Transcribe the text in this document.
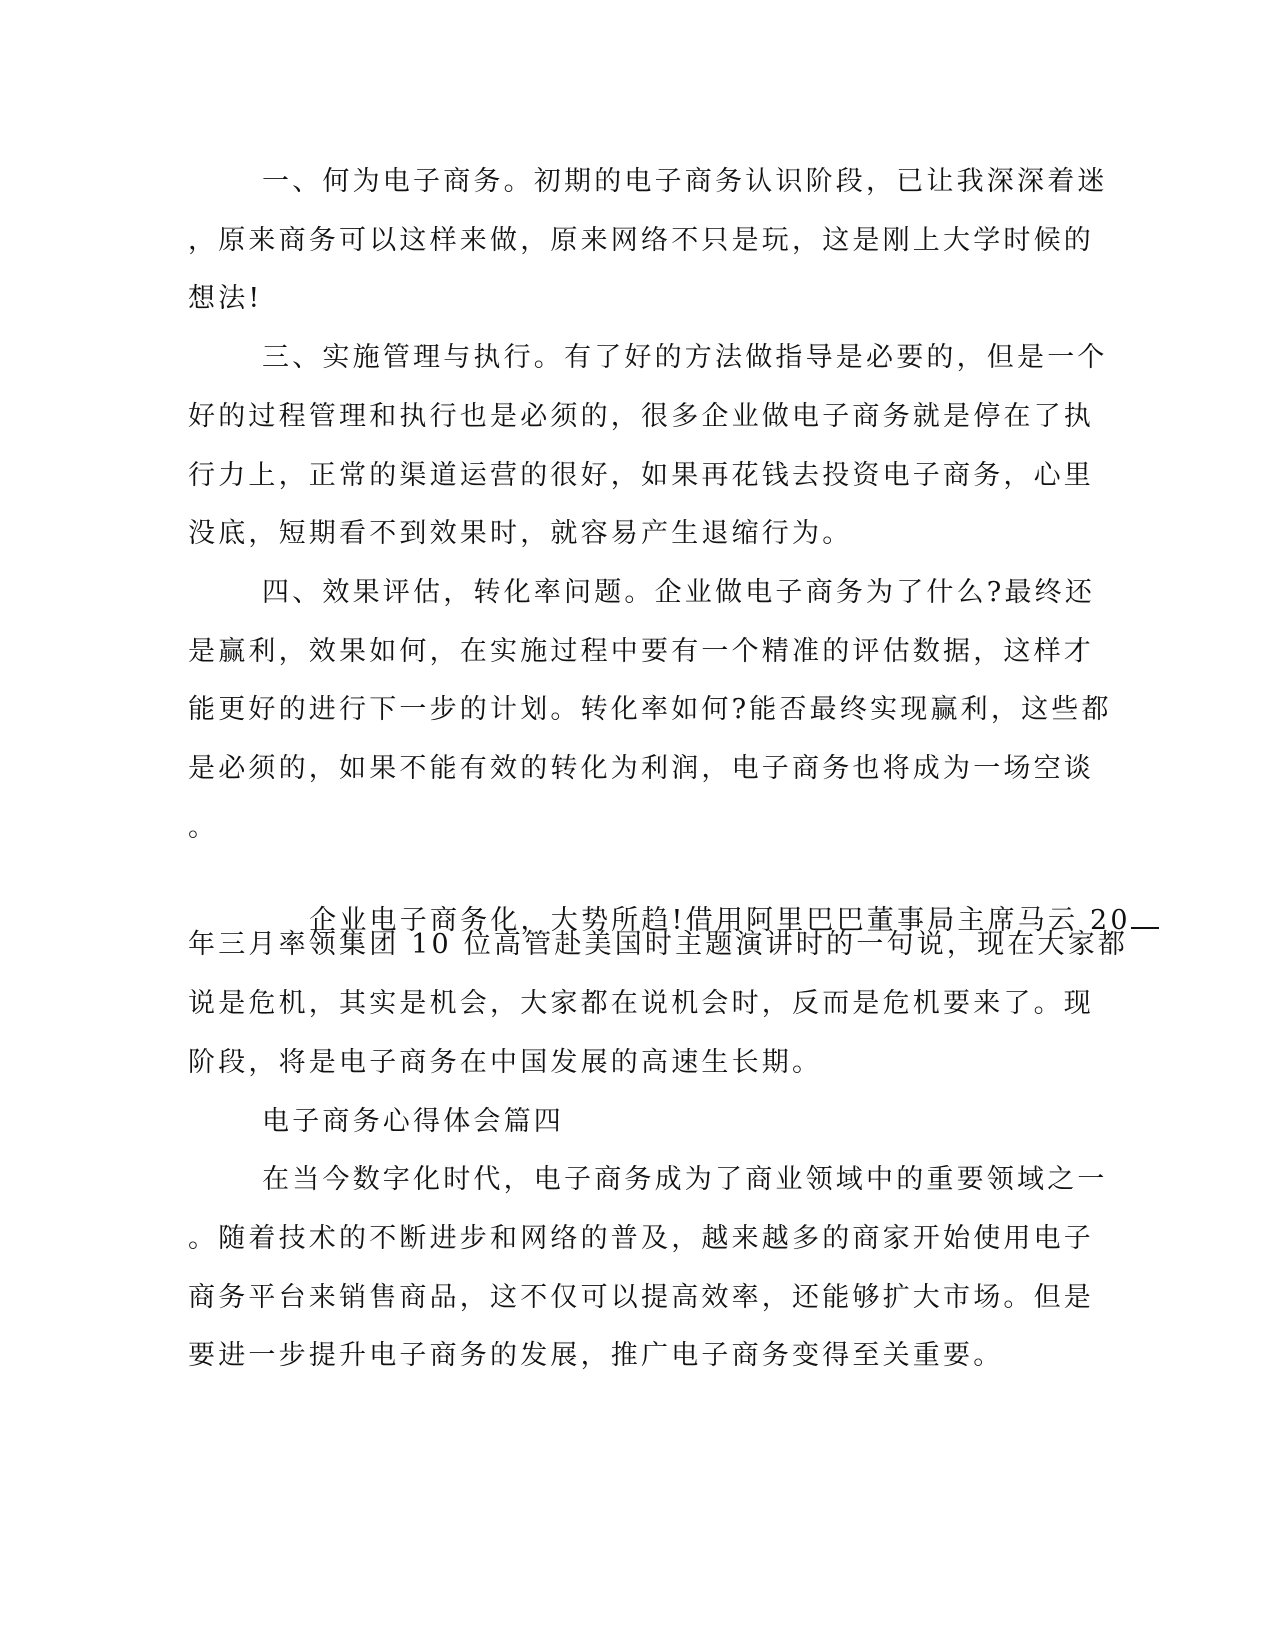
一、何为电子商务。初期的电子商务认识阶段，已让我深深着迷

，原来商务可以这样来做，原来网络不只是玩，这是刚上大学时候的

想法!

三、实施管理与执行。有了好的方法做指导是必要的，但是一个

好的过程管理和执行也是必须的，很多企业做电子商务就是停在了执

行力上，正常的渠道运营的很好，如果再花钱去投资电子商务，心里

没底，短期看不到效果时，就容易产生退缩行为。

四、效果评估，转化率问题。企业做电子商务为了什么?最终还

是赢利，效果如何，在实施过程中要有一个精准的评估数据，这样才

能更好的进行下一步的计划。转化率如何?能否最终实现赢利，这些都

是必须的，如果不能有效的转化为利润，电子商务也将成为一场空谈

。

企业电子商务化，大势所趋!借用阿里巴巴董事局主席马云 20

年三月率领集团 10 位高管赴美国时主题演讲时的一句说，现在大家都

说是危机，其实是机会，大家都在说机会时，反而是危机要来了。现

阶段，将是电子商务在中国发展的高速生长期。

电子商务心得体会篇四

在当今数字化时代，电子商务成为了商业领域中的重要领域之一

。随着技术的不断进步和网络的普及，越来越多的商家开始使用电子

商务平台来销售商品，这不仅可以提高效率，还能够扩大市场。但是

要进一步提升电子商务的发展，推广电子商务变得至关重要。
